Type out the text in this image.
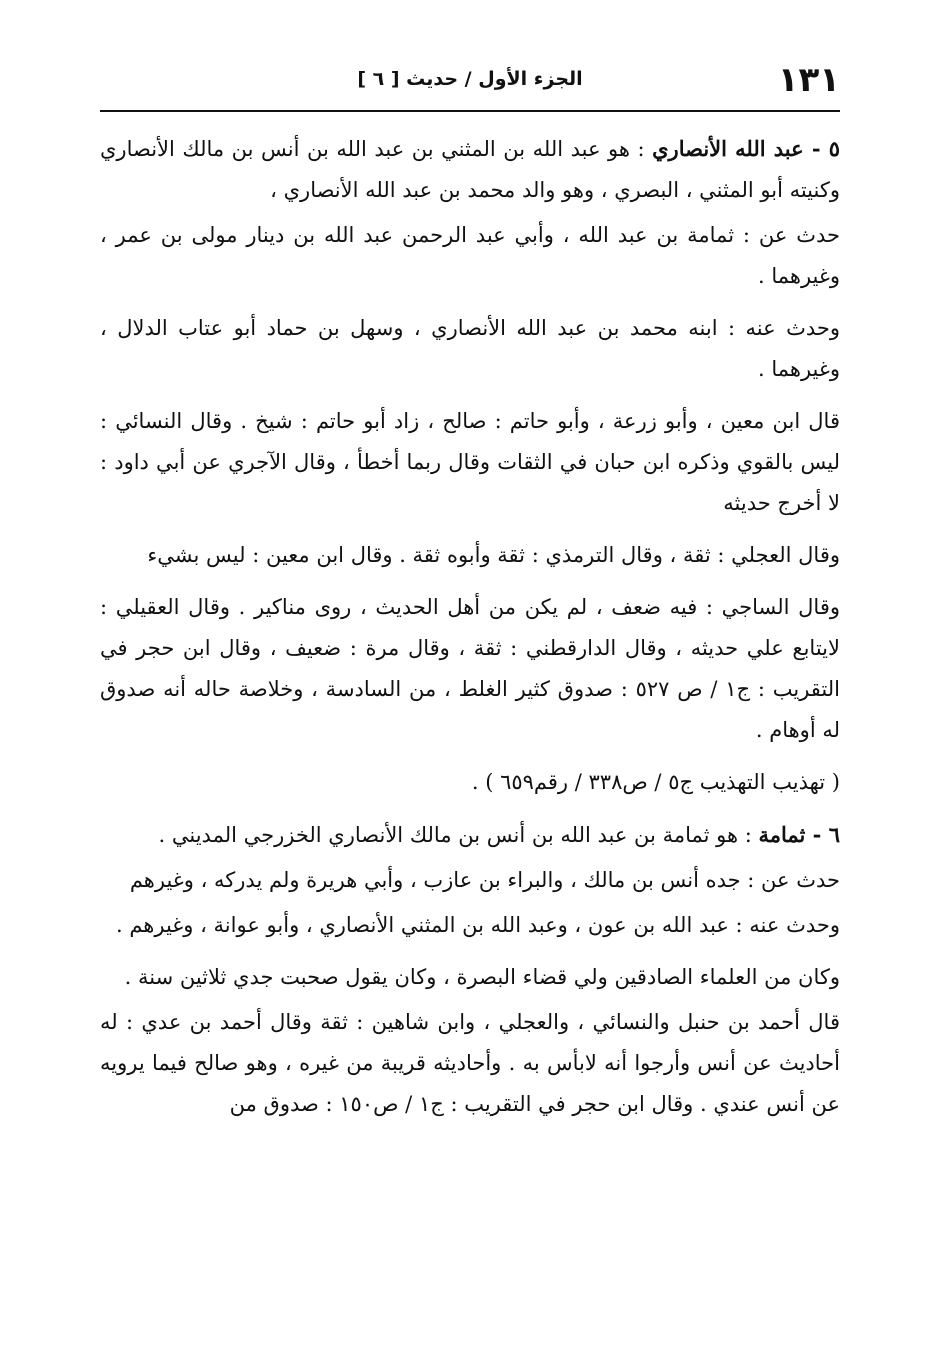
١٣١
الجزء الأول / حديث [ ٦ ]

٥ - عبد الله الأنصاري : هو عبد الله بن المثني بن عبد الله بن أنس بن مالك الأنصاري وكنيته أبو المثني ، البصري ، وهو والد محمد بن عبد الله الأنصاري ،

حدث عن : ثمامة بن عبد الله ، وأبي عبد الرحمن عبد الله بن دينار مولى بن عمر ، وغيرهما .

وحدث عنه : ابنه محمد بن عبد الله الأنصاري ، وسهل بن حماد أبو عتاب الدلال ، وغيرهما .

قال ابن معين ، وأبو زرعة ، وأبو حاتم : صالح ، زاد أبو حاتم : شيخ . وقال النسائي : ليس بالقوي وذكره ابن حبان في الثقات وقال ربما أخطأ ، وقال الآجري عن أبي داود : لا أخرج حديثه

وقال العجلي : ثقة ، وقال الترمذي : ثقة وأبوه ثقة . وقال ابن معين : ليس بشيء

وقال الساجي : فيه ضعف ، لم يكن من أهل الحديث ، روى مناكير . وقال العقيلي : لايتابع علي حديثه ، وقال الدارقطني : ثقة ، وقال مرة : ضعيف ، وقال ابن حجر في التقريب : ج١ / ص ٥٢٧ : صدوق كثير الغلط ، من السادسة ، وخلاصة حاله أنه صدوق له أوهام .

( تهذيب التهذيب ج٥ / ص٣٣٨ / رقم٦٥٩ ) .

٦ - ثمامة : هو ثمامة بن عبد الله بن أنس بن مالك الأنصاري الخزرجي المديني .

حدث عن : جده أنس بن مالك ، والبراء بن عازب ، وأبي هريرة ولم يدركه ، وغيرهم

وحدث عنه : عبد الله بن عون ، وعبد الله بن المثني الأنصاري ، وأبو عوانة ، وغيرهم .

وكان من العلماء الصادقين ولي قضاء البصرة ، وكان يقول صحبت جدي ثلاثين سنة .

قال أحمد بن حنبل والنسائي ، والعجلي ، وابن شاهين : ثقة وقال أحمد بن عدي : له أحاديث عن أنس وأرجوا أنه لابأس به . وأحاديثه قريبة من غيره ، وهو صالح فيما يرويه عن أنس عندي . وقال ابن حجر في التقريب : ج١ / ص١٥٠ : صدوق من
